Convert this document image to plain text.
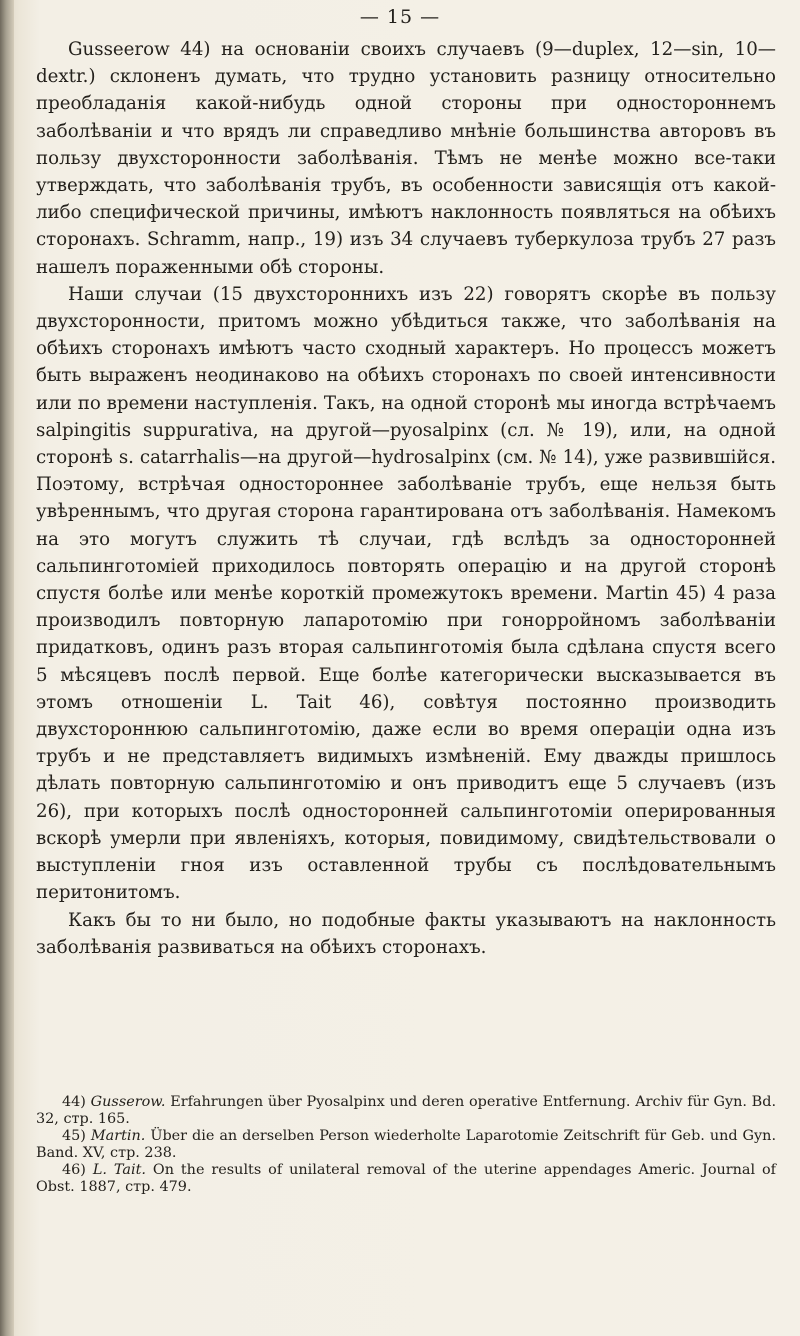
— 15 —

Gusseerow 44) на основаніи своихъ случаевъ (9—duplex, 12—sin, 10—dextr.) склоненъ думать, что трудно установить разницу относительно преобладанія какой-нибудь одной стороны при одностороннемъ заболѣваніи и что врядъ ли справедливо мнѣніе большинства авторовъ въ пользу двухсторонности заболѣванія. Тѣмъ не менѣе можно все-таки утверждать, что заболѣванія трубъ, въ особенности зависящія отъ какой-либо специфической причины, имѣютъ наклонность появляться на обѣихъ сторонахъ. Schramm, напр., 19) изъ 34 случаевъ туберкулоза трубъ 27 разъ нашелъ пораженными обѣ стороны.

Наши случаи (15 двухстороннихъ изъ 22) говорятъ скорѣе въ пользу двухсторонности, притомъ можно убѣдиться также, что заболѣванія на обѣихъ сторонахъ имѣютъ часто сходный характеръ. Но процессъ можетъ быть выраженъ неодинаково на обѣихъ сторонахъ по своей интенсивности или по времени наступленія. Такъ, на одной сторонѣ мы иногда встрѣчаемъ salpingitis suppurativa, на другой—pyosalpinx (сл. № 19), или, на одной сторонѣ s. catarrhalis—на другой—hydrosalpinx (см. № 14), уже развившійся. Поэтому, встрѣчая одностороннее заболѣваніе трубъ, еще нельзя быть увѣреннымъ, что другая сторона гарантирована отъ заболѣванія. Намекомъ на это могутъ служить тѣ случаи, гдѣ вслѣдъ за односторонней сальпинготоміей приходилось повторять операцію и на другой сторонѣ спустя болѣе или менѣе короткій промежутокъ времени. Martin 45) 4 раза производилъ повторную лапаротомію при гонорройномъ заболѣваніи придатковъ, одинъ разъ вторая сальпинготомія была сдѣлана спустя всего 5 мѣсяцевъ послѣ первой. Еще болѣе категорически высказывается въ этомъ отношеніи L. Tait 46), совѣтуя постоянно производить двухстороннюю сальпинготомію, даже если во время операціи одна изъ трубъ и не представляетъ видимыхъ измѣненій. Ему дважды пришлось дѣлать повторную сальпинготомію и онъ приводитъ еще 5 случаевъ (изъ 26), при которыхъ послѣ односторонней сальпинготоміи оперированныя вскорѣ умерли при явленіяхъ, которыя, повидимому, свидѣтельствовали о выступленіи гноя изъ оставленной трубы съ послѣдовательнымъ перитонитомъ.

Какъ бы то ни было, но подобные факты указываютъ на наклонность заболѣванія развиваться на обѣихъ сторонахъ.

44) Gusserow. Erfahrungen über Pyosalpinx und deren operative Entfernung. Archiv für Gyn. Bd. 32, стр. 165.

45) Martin. Über die an derselben Person wiederholte Laparotomie Zeitschrift für Geb. und Gyn. Band. XV, стр. 238.

46) L. Tait. On the results of unilateral removal of the uterine appendages Americ. Journal of Obst. 1887, стр. 479.
